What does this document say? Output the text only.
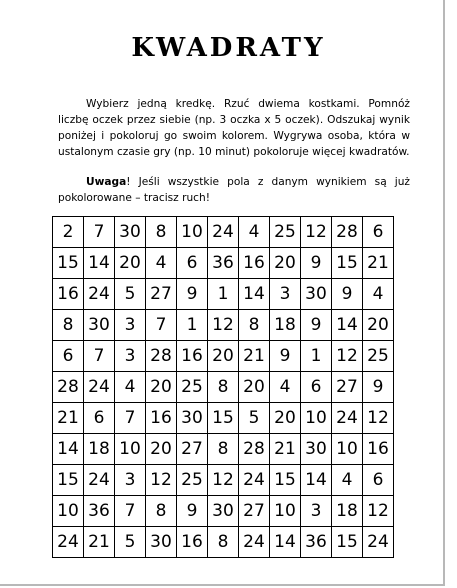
KWADRATY

Wybierz jedną kredkę. Rzuć dwiema kostkami. Pomnóż liczbę oczek przez siebie (np. 3 oczka x 5 oczek). Odszukaj wynik poniżej i pokoloruj go swoim kolorem. Wygrywa osoba, która w ustalonym czasie gry (np. 10 minut) pokoloruje więcej kwadratów.

Uwaga! Jeśli wszystkie pola z danym wynikiem są już pokolorowane – tracisz ruch!

2	7	30	8	10	24	4	25	12	28	6
15	14	20	4	6	36	16	20	9	15	21
16	24	5	27	9	1	14	3	30	9	4
8	30	3	7	1	12	8	18	9	14	20
6	7	3	28	16	20	21	9	1	12	25
28	24	4	20	25	8	20	4	6	27	9
21	6	7	16	30	15	5	20	10	24	12
14	18	10	20	27	8	28	21	30	10	16
15	24	3	12	25	12	24	15	14	4	6
10	36	7	8	9	30	27	10	3	18	12
24	21	5	30	16	8	24	14	36	15	24
